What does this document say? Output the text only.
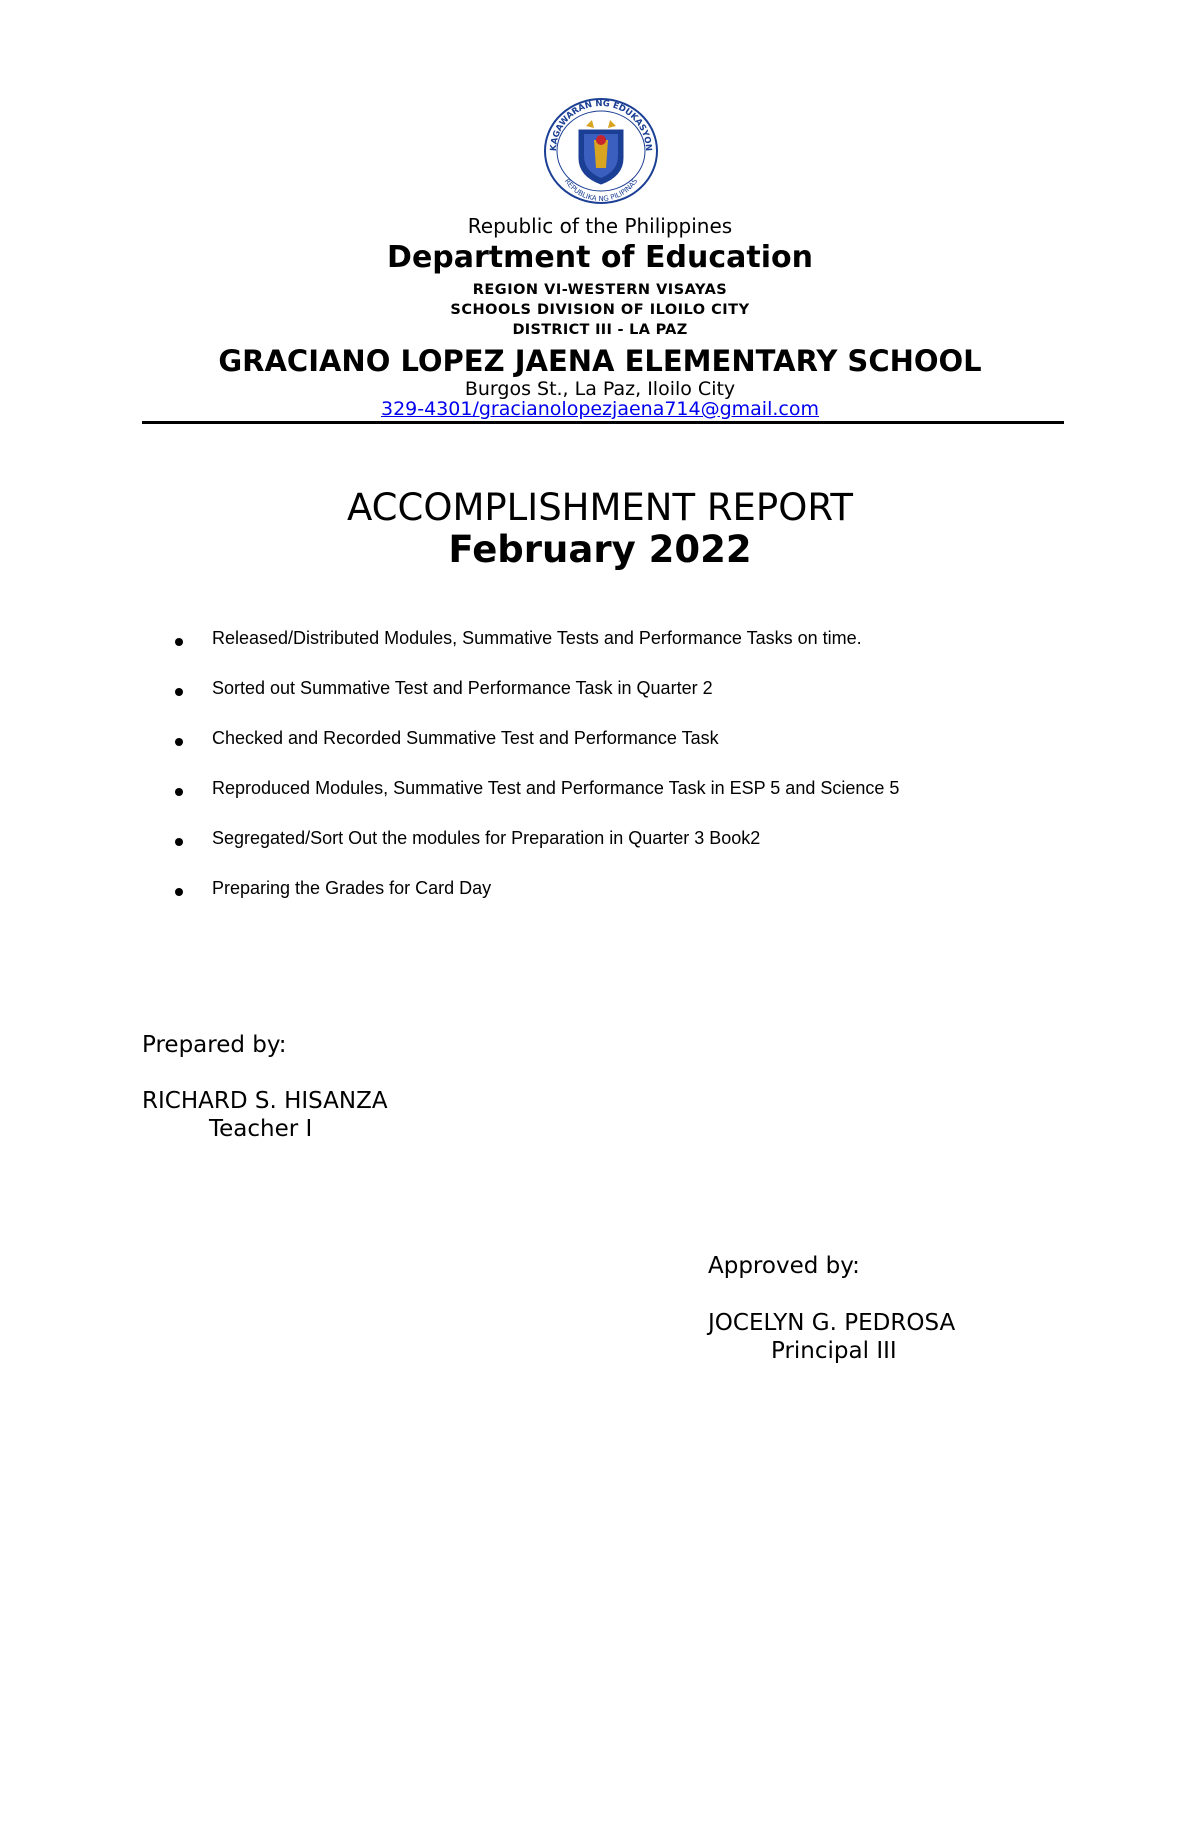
KAGAWARAN NG EDUKASYON
REPUBLIKA NG PILIPINAS
Republic of the Philippines
Department of Education
REGION VI-WESTERN VISAYAS
SCHOOLS DIVISION OF ILOILO CITY
DISTRICT III - LA PAZ
GRACIANO LOPEZ JAENA ELEMENTARY SCHOOL
Burgos St., La Paz, Iloilo City
329-4301/gracianolopezjaena714@gmail.com
ACCOMPLISHMENT REPORT
February 2022
Released/Distributed Modules, Summative Tests and Performance Tasks on time.
Sorted out Summative Test and Performance Task in Quarter 2
Checked and Recorded Summative Test and Performance Task
Reproduced Modules, Summative Test and Performance Task in ESP 5 and Science 5
Segregated/Sort Out the modules for Preparation in Quarter 3 Book2
Preparing the Grades for Card Day
Prepared by:
RICHARD S. HISANZA
Teacher I
Approved by:
JOCELYN G. PEDROSA
Principal III
